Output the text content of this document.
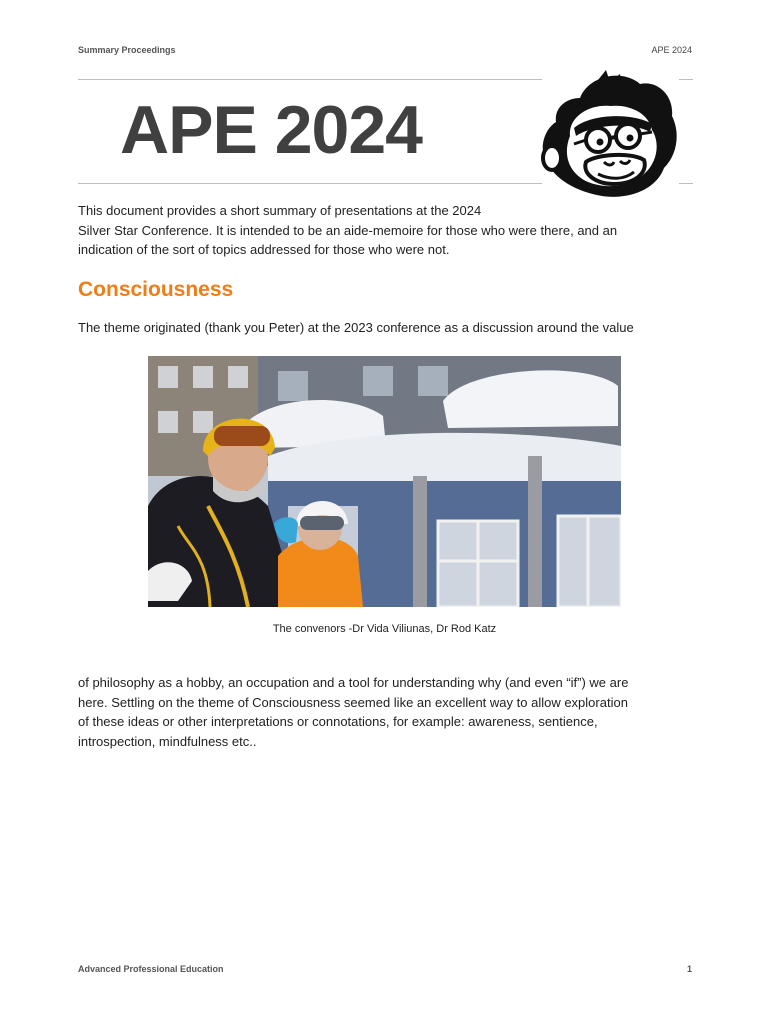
Summary Proceedings	APE 2024
APE 2024
This document provides a short summary of presentations at the 2024
Silver Star Conference. It is intended to be an aide-memoire for those who were there, and an
indication of the sort of topics addressed for those who were not.
Consciousness
The theme originated (thank you Peter) at the 2023 conference as a discussion around the value
The convenors -Dr Vida Viliunas, Dr Rod Katz
of philosophy as a hobby, an occupation and a tool for understanding why (and even “if”) we are
here. Settling on the theme of Consciousness seemed like an excellent way to allow exploration
of these ideas or other interpretations or connotations, for example: awareness, sentience,
introspection, mindfulness etc..
Advanced Professional Education	1
